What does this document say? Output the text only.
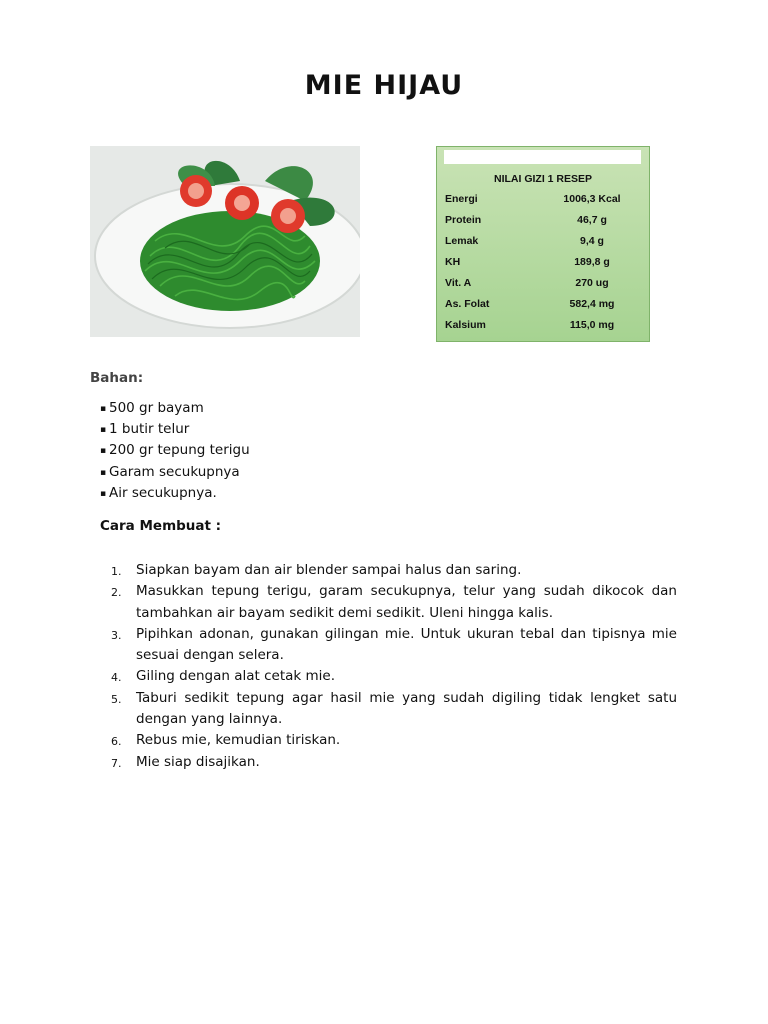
MIE HIJAU
NILAI GIZI 1 RESEP
Energi	1006,3 Kcal
Protein	46,7 g
Lemak	9,4 g
KH	189,8 g
Vit. A	270 ug
As. Folat	582,4 mg
Kalsium	115,0 mg
Bahan:
▪ 500 gr bayam
▪ 1 butir telur
▪ 200 gr tepung terigu
▪ Garam secukupnya
▪ Air secukupnya.
Cara Membuat :
1. Siapkan bayam dan air blender sampai halus dan saring.
2. Masukkan tepung terigu, garam secukupnya, telur yang sudah dikocok dan tambahkan air bayam sedikit demi sedikit. Uleni hingga kalis.
3. Pipihkan adonan, gunakan gilingan mie. Untuk ukuran tebal dan tipisnya mie sesuai dengan selera.
4. Giling dengan alat cetak mie.
5. Taburi sedikit tepung agar hasil mie yang sudah digiling tidak lengket satu dengan yang lainnya.
6. Rebus mie, kemudian tiriskan.
7. Mie siap disajikan.
